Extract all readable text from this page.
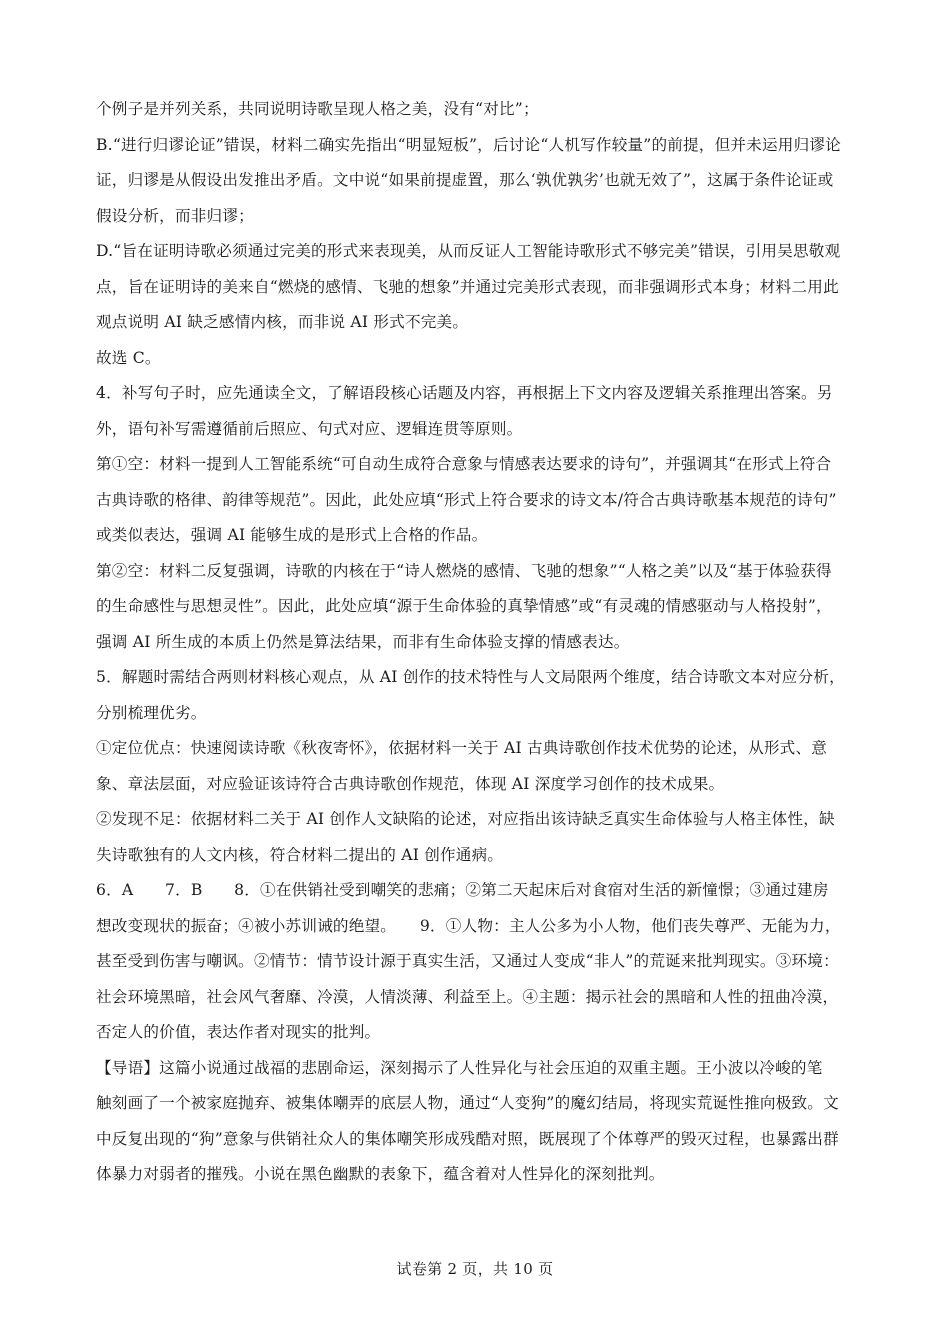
个例子是并列关系，共同说明诗歌呈现人格之美，没有“对比”；
B.“进行归谬论证”错误，材料二确实先指出“明显短板”，后讨论“人机写作较量”的前提，但并未运用归谬论
证，归谬是从假设出发推出矛盾。文中说“如果前提虚置，那么‘孰优孰劣’也就无效了”，这属于条件论证或
假设分析，而非归谬；
D.“旨在证明诗歌必须通过完美的形式来表现美，从而反证人工智能诗歌形式不够完美”错误，引用吴思敬观
点，旨在证明诗的美来自“燃烧的感情、飞驰的想象”并通过完美形式表现，而非强调形式本身；材料二用此
观点说明 AI 缺乏感情内核，而非说 AI 形式不完美。
故选 C。
4．补写句子时，应先通读全文，了解语段核心话题及内容，再根据上下文内容及逻辑关系推理出答案。另
外，语句补写需遵循前后照应、句式对应、逻辑连贯等原则。
第①空：材料一提到人工智能系统“可自动生成符合意象与情感表达要求的诗句”，并强调其“在形式上符合
古典诗歌的格律、韵律等规范”。因此，此处应填“形式上符合要求的诗文本/符合古典诗歌基本规范的诗句”
或类似表达，强调 AI 能够生成的是形式上合格的作品。
第②空：材料二反复强调，诗歌的内核在于“诗人燃烧的感情、飞驰的想象”“人格之美”以及“基于体验获得
的生命感性与思想灵性”。因此，此处应填“源于生命体验的真挚情感”或“有灵魂的情感驱动与人格投射”，
强调 AI 所生成的本质上仍然是算法结果，而非有生命体验支撑的情感表达。
5．解题时需结合两则材料核心观点，从 AI 创作的技术特性与人文局限两个维度，结合诗歌文本对应分析，
分别梳理优劣。
①定位优点：快速阅读诗歌《秋夜寄怀》，依据材料一关于 AI 古典诗歌创作技术优势的论述，从形式、意
象、章法层面，对应验证该诗符合古典诗歌创作规范，体现 AI 深度学习创作的技术成果。
②发现不足：依据材料二关于 AI 创作人文缺陷的论述，对应指出该诗缺乏真实生命体验与人格主体性，缺
失诗歌独有的人文内核，符合材料二提出的 AI 创作通病。
6．A　　7．B　　8．①在供销社受到嘲笑的悲痛；②第二天起床后对食宿对生活的新憧憬；③通过建房
想改变现状的振奋；④被小苏训诫的绝望。　　9．①人物：主人公多为小人物，他们丧失尊严、无能为力，
甚至受到伤害与嘲讽。②情节：情节设计源于真实生活，又通过人变成“非人”的荒诞来批判现实。③环境：
社会环境黑暗，社会风气奢靡、冷漠，人情淡薄、利益至上。④主题：揭示社会的黑暗和人性的扭曲冷漠，
否定人的价值，表达作者对现实的批判。
【导语】这篇小说通过战福的悲剧命运，深刻揭示了人性异化与社会压迫的双重主题。王小波以冷峻的笔
触刻画了一个被家庭抛弃、被集体嘲弄的底层人物，通过“人变狗”的魔幻结局，将现实荒诞性推向极致。文
中反复出现的“狗”意象与供销社众人的集体嘲笑形成残酷对照，既展现了个体尊严的毁灭过程，也暴露出群
体暴力对弱者的摧残。小说在黑色幽默的表象下，蕴含着对人性异化的深刻批判。
试卷第 2 页，共 10 页
